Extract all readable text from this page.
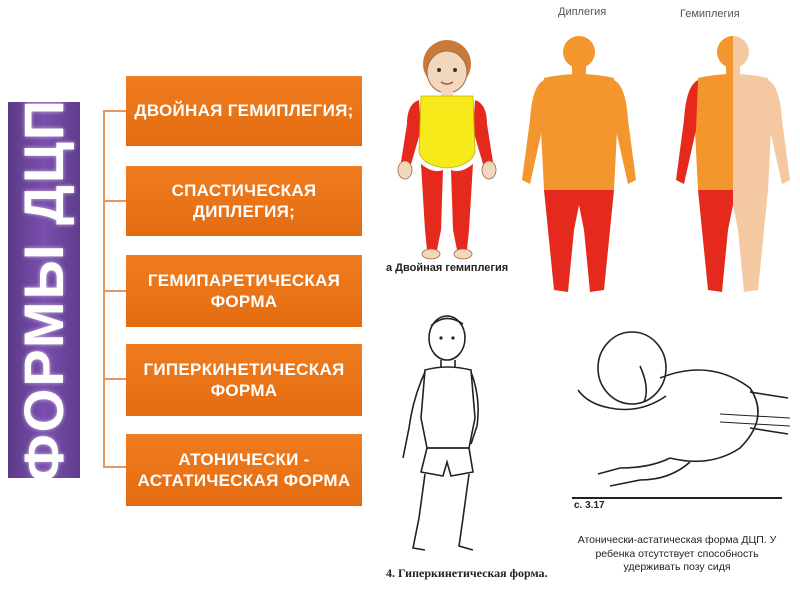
ФОРМЫ ДЦП	ДВОЙНАЯ ГЕМИПЛЕГИЯ;
СПАСТИЧЕСКАЯ ДИПЛЕГИЯ;
ГЕМИПАРЕТИЧЕСКАЯ ФОРМА
ГИПЕРКИНЕТИЧЕСКАЯ ФОРМА
АТОНИЧЕСКИ - АСТАТИЧЕСКАЯ ФОРМА
а Двойная гемиплегия
Диплегия	Гемиплегия
4. Гиперкинетическая форма.
с. 3.17
Атонически-астатическая форма ДЦП. У ребенка отсутствует способность удерживать позу сидя
